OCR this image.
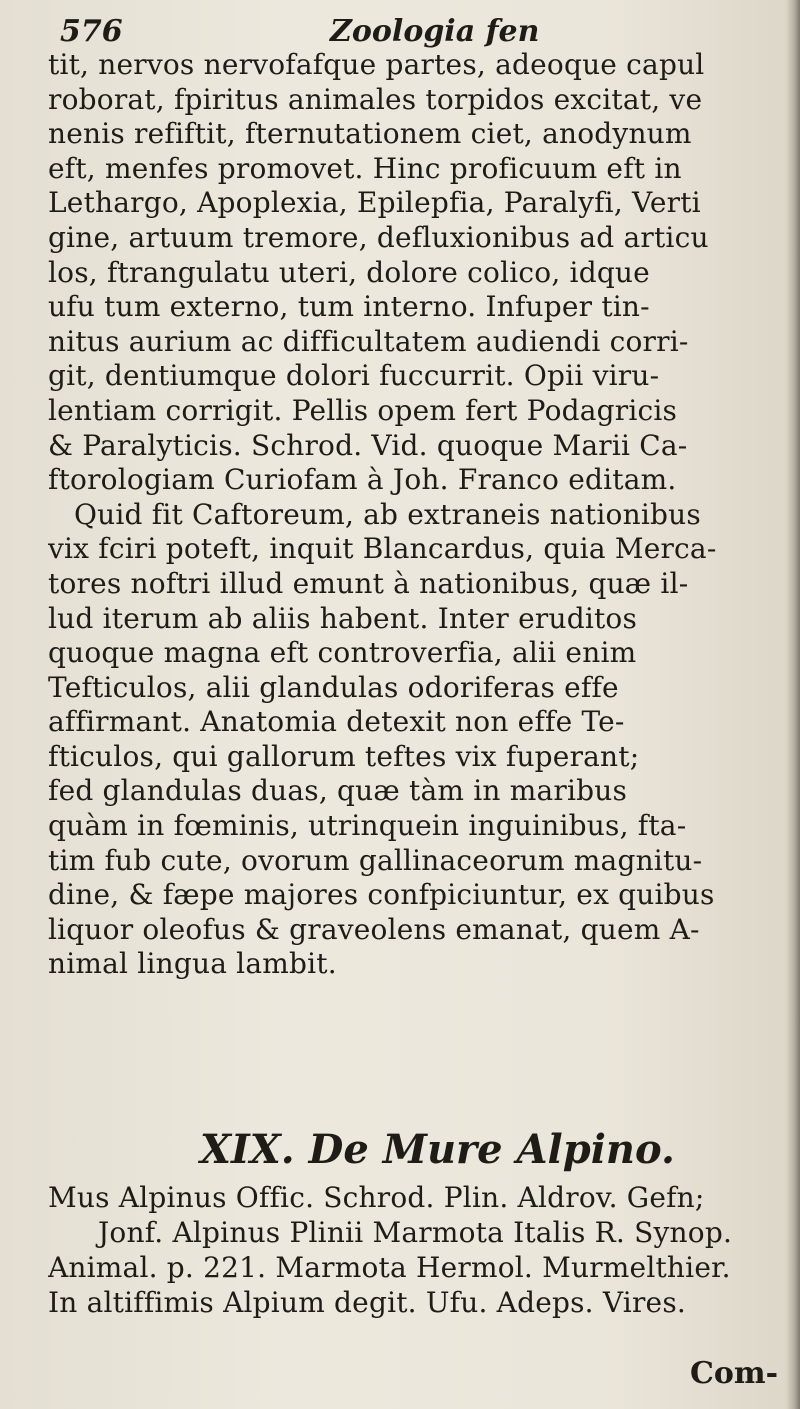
576	Zoologia fen
tit, nervos nervofafque partes, adeoque capul
roborat, fpiritus animales torpidos excitat, ve
nenis refiftit, fternutationem ciet, anodynum
eft, menfes promovet. Hinc proficuum eft in
Lethargo, Apoplexia, Epilepfia, Paralyfi, Verti
gine, artuum tremore, defluxionibus ad articu
los, ftrangulatu uteri, dolore colico, idque
ufu tum externo, tum interno. Infuper tin-
nitus aurium ac difficultatem audiendi corri-
git, dentiumque dolori fuccurrit. Opii viru-
lentiam corrigit. Pellis opem fert Podagricis
& Paralyticis. Schrod. Vid. quoque Marii Ca-
ftorologiam Curiofam à Joh. Franco editam.
Quid fit Caftoreum, ab extraneis nationibus
vix fciri poteft, inquit Blancardus, quia Merca-
tores noftri illud emunt à nationibus, quæ il-
lud iterum ab aliis habent. Inter eruditos
quoque magna eft controverfia, alii enim
Tefticulos, alii glandulas odoriferas effe
affirmant. Anatomia detexit non effe Te-
fticulos, qui gallorum teftes vix fuperant;
fed glandulas duas, quæ tàm in maribus
quàm in fœminis, utrinquein inguinibus, fta-
tim fub cute, ovorum gallinaceorum magnitu-
dine, & fæpe majores confpiciuntur, ex quibus
liquor oleofus & graveolens emanat, quem A-
nimal lingua lambit.
XIX. De Mure Alpino.
Mus Alpinus Offic. Schrod. Plin. Aldrov. Gefn;
Jonf. Alpinus Plinii Marmota Italis R. Synop.
Animal. p. 221. Marmota Hermol. Murmelthier.
In altiffimis Alpium degit. Ufu. Adeps. Vires.
Com-
